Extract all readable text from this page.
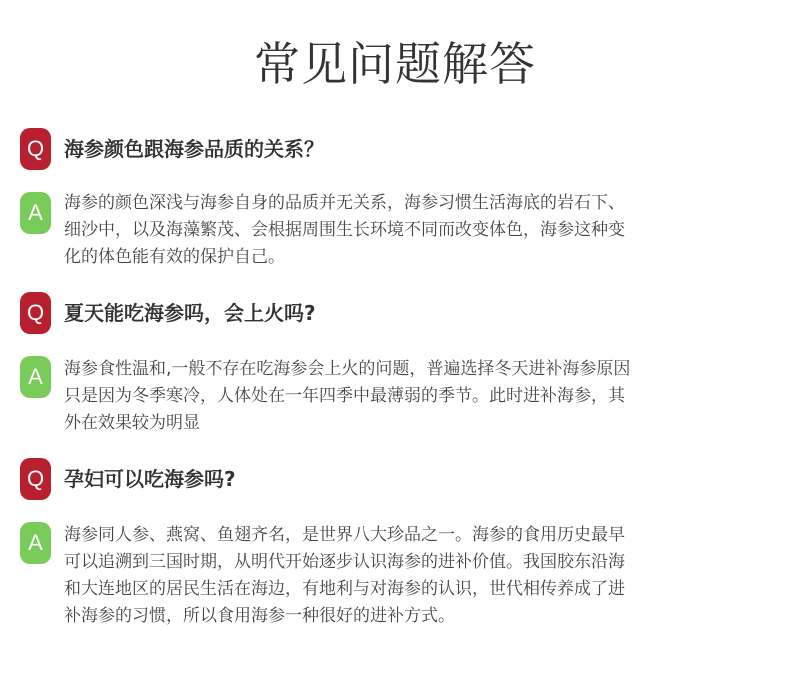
常见问题解答
Q 海参颜色跟海参品质的关系？
A	海参的颜色深浅与海参自身的品质并无关系，海参习惯生活海底的岩石下、
细沙中，以及海藻繁茂、会根据周围生长环境不同而改变体色，海参这种变
化的体色能有效的保护自己。
Q 夏天能吃海参吗，会上火吗?
A	海参食性温和,一般不存在吃海参会上火的问题，普遍选择冬天进补海参原因
只是因为冬季寒冷，人体处在一年四季中最薄弱的季节。此时进补海参，其
外在效果较为明显
Q 孕妇可以吃海参吗?
A	海参同人参、燕窝、鱼翅齐名，是世界八大珍品之一。海参的食用历史最早
可以追溯到三国时期，从明代开始逐步认识海参的进补价值。我国胶东沿海
和大连地区的居民生活在海边，有地利与对海参的认识，世代相传养成了进
补海参的习惯，所以食用海参一种很好的进补方式。
